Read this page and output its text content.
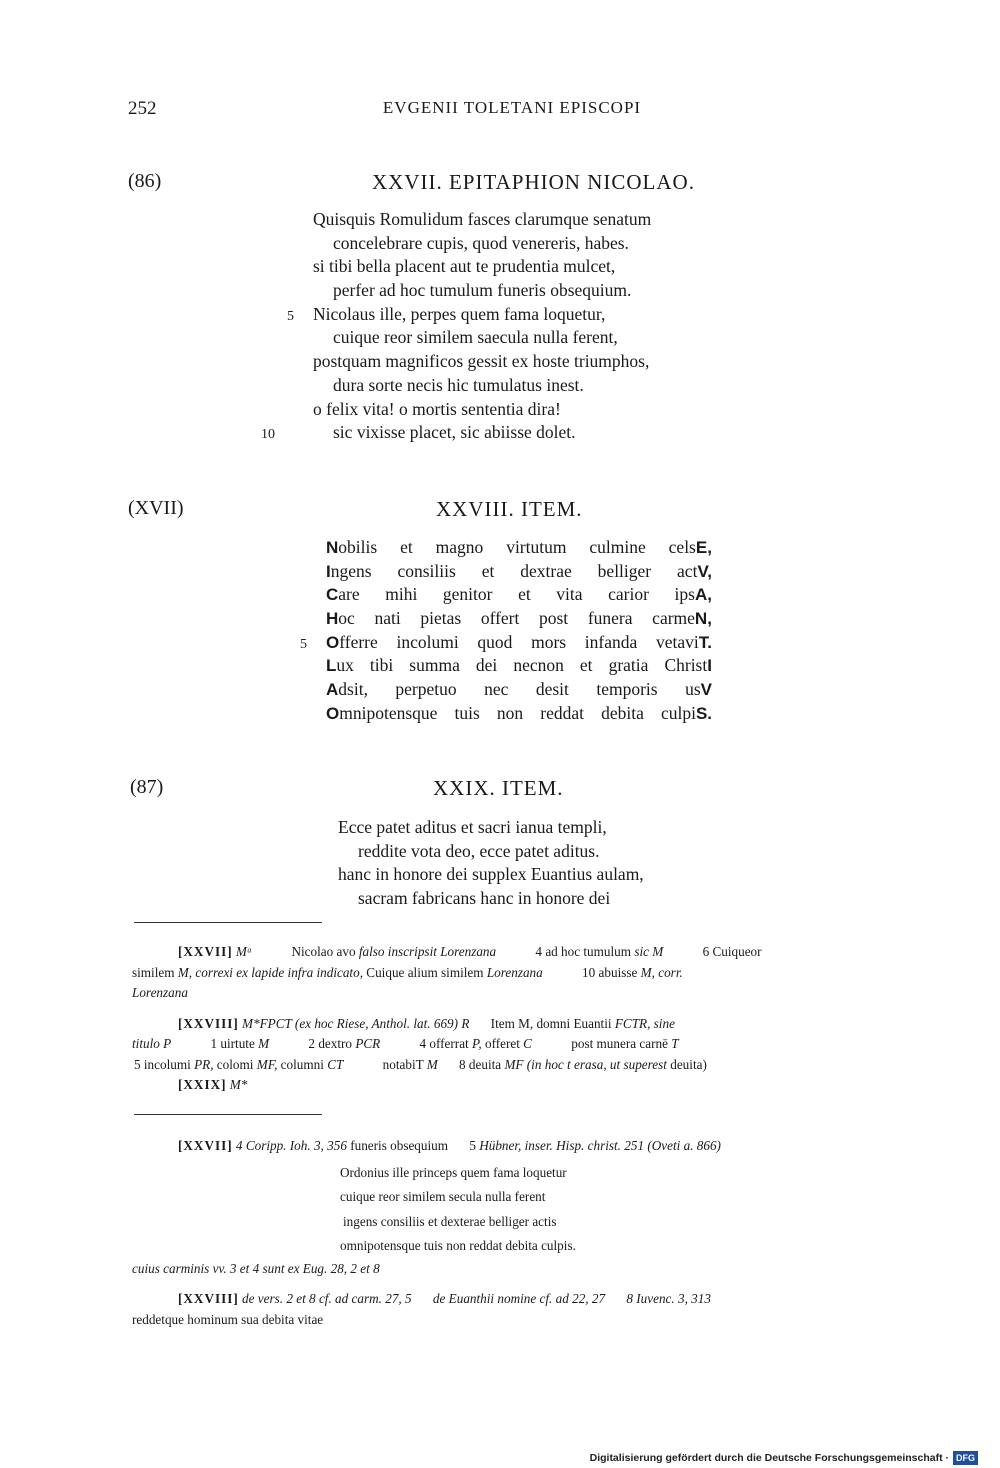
252	EVGENII TOLETANI EPISCOPI
(86)	XXVII. EPITAPHION NICOLAO.
Quisquis Romulidum fasces clarumque senatum
concelebrare cupis, quod venereris, habes.
si tibi bella placent aut te prudentia mulcet,
perfer ad hoc tumulum funeris obsequium.
Nicolaus ille, perpes quem fama loquetur,
5
cuique reor similem saecula nulla ferent,
postquam magnificos gessit ex hoste triumphos,
dura sorte necis hic tumulatus inest.
o felix vita! o mortis sententia dira!
sic vixisse placet, sic abiisse dolet.
10
(XVII)	XXVIII. ITEM.
Nobilis et magno virtutum culmine celsE,
Ingens consiliis et dextrae belliger actV,
Care mihi genitor et vita carior ipsA,
Hoc nati pietas offert post funera carmeN,
Offerre incolumi quod mors infanda vetaviT.
5
Lux tibi summa dei necnon et gratia ChristI
Adsit, perpetuo nec desit temporis usV
Omnipotensque tuis non reddat debita culpiS.
(87)	XXIX. ITEM.
Ecce patet aditus et sacri ianua templi,
reddite vota deo, ecce patet aditus.
hanc in honore dei supplex Euantius aulam,
sacram fabricans hanc in honore dei
[XXVII] Mᵃ	Nicolao avo falso inscripsit Lorenzana	4 ad hoc tumulum sic M	6 Cuiqueor
similem M, correxi ex lapide infra indicato, Cuique alium similem Lorenzana	10 abuisse M, corr.
Lorenzana
[XXVIII] M*FPCT (ex hoc Riese, Anthol. lat. 669) R Item M, domni Euantii FCTR, sine
titulo P	1 uirtute M	2 dextro PCR	4 offerrat P, offeret C	post munera carnē T
5 incolumi PR, colomi MF, columni CT	notabiT M 8 deuita MF (in hoc t erasa, ut superest deuita)
[XXIX] M*
[XXVII] 4 Coripp. Ioh. 3, 356 funeris obsequium 5 Hübner, inser. Hisp. christ. 251 (Oveti a. 866)
Ordonius ille princeps quem fama loquetur
cuique reor similem secula nulla ferent
ingens consiliis et dexterae belliger actis
omnipotensque tuis non reddat debita culpis.
cuius carminis vv. 3 et 4 sunt ex Eug. 28, 2 et 8
[XXVIII] de vers. 2 et 8 cf. ad carm. 27, 5 de Euanthii nomine cf. ad 22, 27 8 Iuvenc. 3, 313
reddetque hominum sua debita vitae
Digitalisierung gefördert durch die Deutsche Forschungsgemeinschaft · DFG
